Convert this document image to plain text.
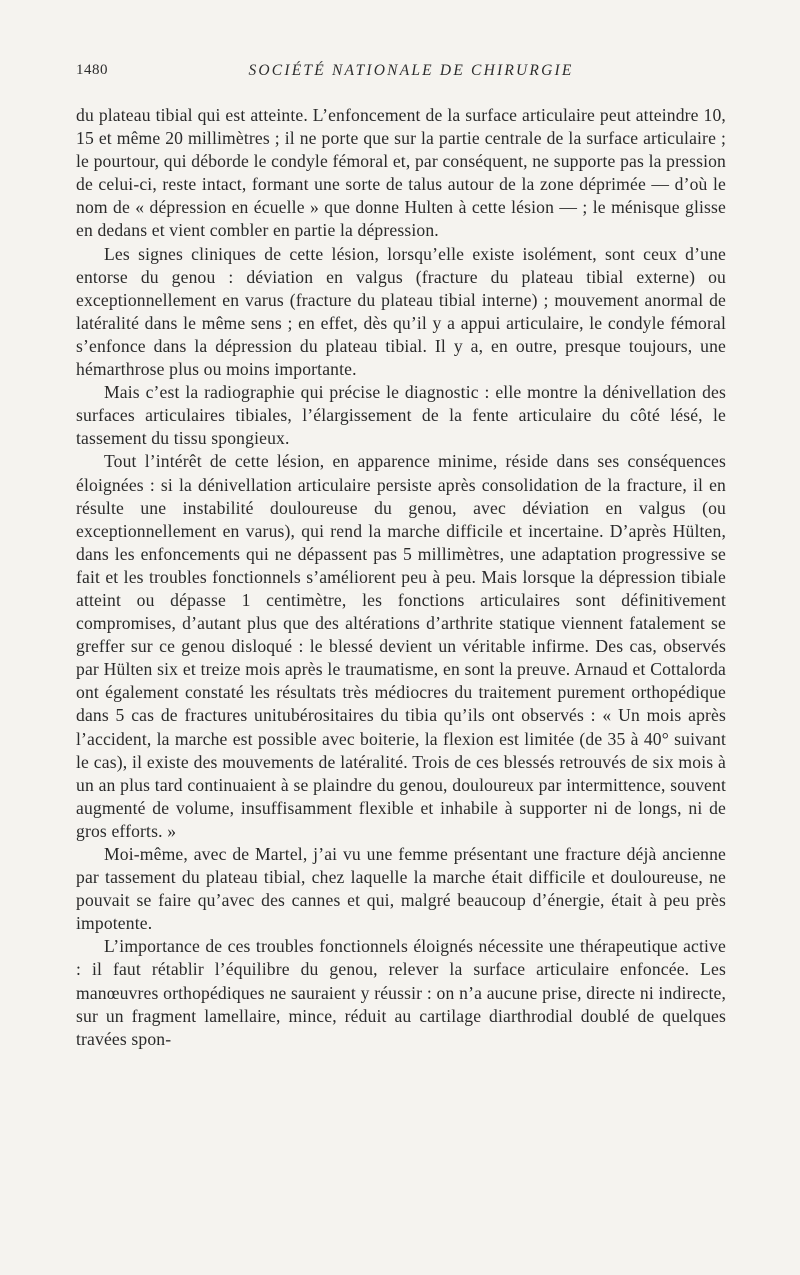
1480	SOCIÉTÉ NATIONALE DE CHIRURGIE

du plateau tibial qui est atteinte. L’enfoncement de la surface articulaire peut atteindre 10, 15 et même 20 millimètres ; il ne porte que sur la partie centrale de la surface articulaire ; le pourtour, qui déborde le condyle fémoral et, par conséquent, ne supporte pas la pression de celui-ci, reste intact, formant une sorte de talus autour de la zone déprimée — d’où le nom de « dépression en écuelle » que donne Hulten à cette lésion — ; le ménisque glisse en dedans et vient combler en partie la dépression.

Les signes cliniques de cette lésion, lorsqu’elle existe isolément, sont ceux d’une entorse du genou : déviation en valgus (fracture du plateau tibial externe) ou exceptionnellement en varus (fracture du plateau tibial interne) ; mouvement anormal de latéralité dans le même sens ; en effet, dès qu’il y a appui articulaire, le condyle fémoral s’enfonce dans la dépression du plateau tibial. Il y a, en outre, presque toujours, une hémarthrose plus ou moins importante.

Mais c’est la radiographie qui précise le diagnostic : elle montre la dénivellation des surfaces articulaires tibiales, l’élargissement de la fente articulaire du côté lésé, le tassement du tissu spongieux.

Tout l’intérêt de cette lésion, en apparence minime, réside dans ses conséquences éloignées : si la dénivellation articulaire persiste après consolidation de la fracture, il en résulte une instabilité douloureuse du genou, avec déviation en valgus (ou exceptionnellement en varus), qui rend la marche difficile et incertaine. D’après Hülten, dans les enfoncements qui ne dépassent pas 5 millimètres, une adaptation progressive se fait et les troubles fonctionnels s’améliorent peu à peu. Mais lorsque la dépression tibiale atteint ou dépasse 1 centimètre, les fonctions articulaires sont définitivement compromises, d’autant plus que des altérations d’arthrite statique viennent fatalement se greffer sur ce genou disloqué : le blessé devient un véritable infirme. Des cas, observés par Hülten six et treize mois après le traumatisme, en sont la preuve. Arnaud et Cottalorda ont également constaté les résultats très médiocres du traitement purement orthopédique dans 5 cas de fractures unitubérositaires du tibia qu’ils ont observés : « Un mois après l’accident, la marche est possible avec boiterie, la flexion est limitée (de 35 à 40° suivant le cas), il existe des mouvements de latéralité. Trois de ces blessés retrouvés de six mois à un an plus tard continuaient à se plaindre du genou, douloureux par intermittence, souvent augmenté de volume, insuffisamment flexible et inhabile à supporter ni de longs, ni de gros efforts. »

Moi-même, avec de Martel, j’ai vu une femme présentant une fracture déjà ancienne par tassement du plateau tibial, chez laquelle la marche était difficile et douloureuse, ne pouvait se faire qu’avec des cannes et qui, malgré beaucoup d’énergie, était à peu près impotente.

L’importance de ces troubles fonctionnels éloignés nécessite une thérapeutique active : il faut rétablir l’équilibre du genou, relever la surface articulaire enfoncée. Les manœuvres orthopédiques ne sauraient y réussir : on n’a aucune prise, directe ni indirecte, sur un fragment lamellaire, mince, réduit au cartilage diarthrodial doublé de quelques travées spon-
